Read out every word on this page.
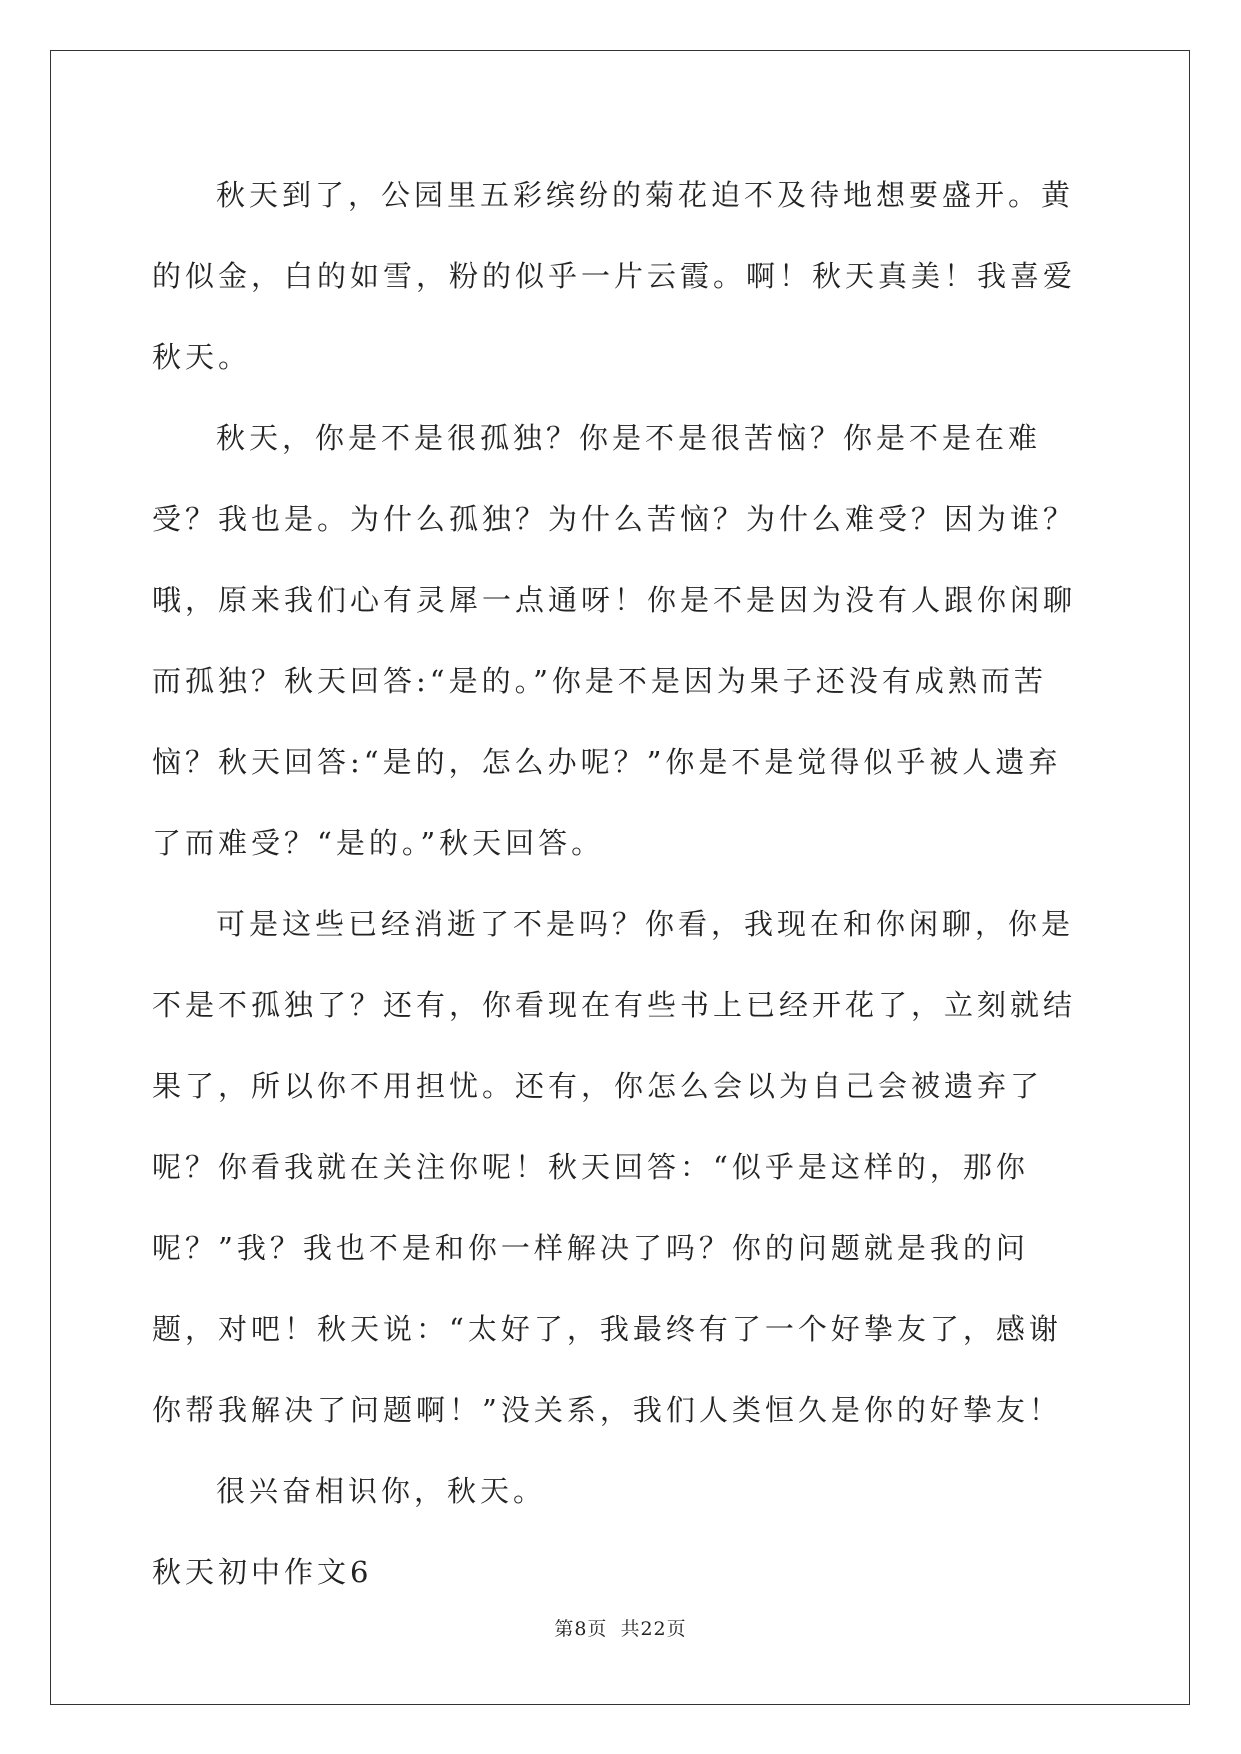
秋天到了，公园里五彩缤纷的菊花迫不及待地想要盛开。黄的似金，白的如雪，粉的似乎一片云霞。啊！秋天真美！我喜爱秋天。

秋天，你是不是很孤独？你是不是很苦恼？你是不是在难受？我也是。为什么孤独？为什么苦恼？为什么难受？因为谁？哦，原来我们心有灵犀一点通呀！你是不是因为没有人跟你闲聊而孤独？秋天回答:“是的。”你是不是因为果子还没有成熟而苦恼？秋天回答:“是的，怎么办呢？”你是不是觉得似乎被人遗弃了而难受？“是的。”秋天回答。

可是这些已经消逝了不是吗？你看，我现在和你闲聊，你是不是不孤独了？还有，你看现在有些书上已经开花了，立刻就结果了，所以你不用担忧。还有，你怎么会以为自己会被遗弃了呢？你看我就在关注你呢！秋天回答：“似乎是这样的，那你呢？”我？我也不是和你一样解决了吗？你的问题就是我的问题，对吧！秋天说：“太好了，我最终有了一个好挚友了，感谢你帮我解决了问题啊！”没关系，我们人类恒久是你的好挚友！

很兴奋相识你，秋天。

秋天初中作文6

第8页 共22页
